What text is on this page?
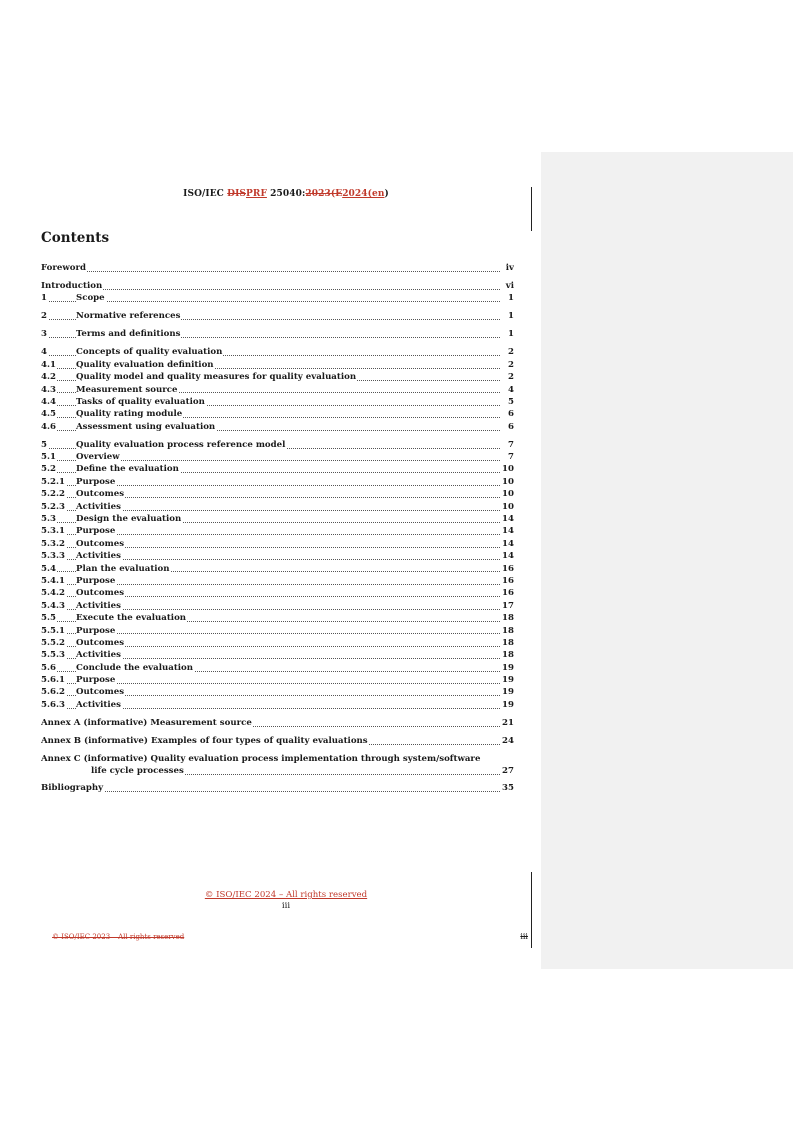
ISO/IEC DISPRF 25040:2023(E2024(en)
Contents
Foreword	iv
Introduction	vi
1	Scope	1
2	Normative references	1
3	Terms and definitions	1
4	Concepts of quality evaluation	2
4.1 Quality evaluation definition	2
4.2 Quality model and quality measures for quality evaluation	2
4.3 Measurement source	4
4.4 Tasks of quality evaluation	5
4.5 Quality rating module	6
4.6 Assessment using evaluation	6
5	Quality evaluation process reference model	7
5.1 Overview	7
5.2 Define the evaluation	10
5.2.1 Purpose	10
5.2.2 Outcomes	10
5.2.3 Activities	10
5.3 Design the evaluation	14
5.3.1 Purpose	14
5.3.2 Outcomes	14
5.3.3 Activities	14
5.4 Plan the evaluation	16
5.4.1 Purpose	16
5.4.2 Outcomes	16
5.4.3 Activities	17
5.5 Execute the evaluation	18
5.5.1 Purpose	18
5.5.2 Outcomes	18
5.5.3 Activities	18
5.6 Conclude the evaluation	19
5.6.1 Purpose	19
5.6.2 Outcomes	19
5.6.3 Activities	19
Annex A (informative) Measurement source	21
Annex B (informative) Examples of four types of quality evaluations	24
Annex C (informative) Quality evaluation process implementation through system/software
life cycle processes	27
Bibliography	35
© ISO/IEC 2024 – All rights reserved
iii
© ISO/IEC 2023 – All rights reserved	iii
